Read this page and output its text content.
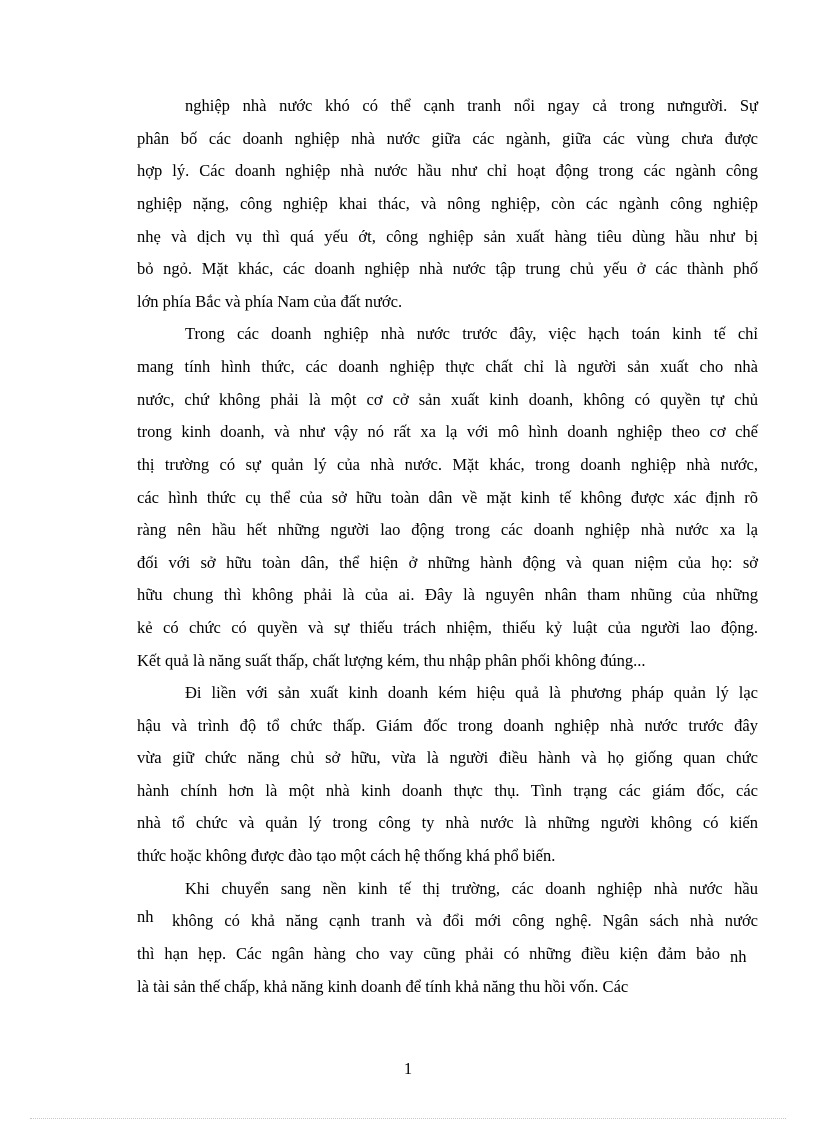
nghiệp nhà nước khó có thể cạnh tranh nổi ngay cả trong nưngười. Sự
phân bố các doanh nghiệp nhà nước giữa các ngành, giữa các vùng chưa được
hợp lý. Các doanh nghiệp nhà nước hầu như chỉ hoạt động trong các ngành công
nghiệp nặng, công nghiệp khai thác, và nông nghiệp, còn các ngành công nghiệp
nhẹ và dịch vụ thì quá yếu ớt, công nghiệp sản xuất hàng tiêu dùng hầu như bị
bỏ ngỏ. Mặt khác, các doanh nghiệp nhà nước tập trung chủ yếu ở các thành phố
lớn phía Bắc và phía Nam của đất nước.
Trong các doanh nghiệp nhà nước trước đây, việc hạch toán kinh tế chỉ
mang tính hình thức, các doanh nghiệp thực chất chỉ là người sản xuất cho nhà
nước, chứ không phải là một cơ cở sản xuất kinh doanh, không có quyền tự chủ
trong kinh doanh, và như vậy nó rất xa lạ với mô hình doanh nghiệp theo cơ chế
thị trường có sự quản lý của nhà nước. Mặt khác, trong doanh nghiệp nhà nước,
các hình thức cụ thể của sở hữu toàn dân về mặt kinh tế không được xác định rõ
ràng nên hầu hết những người lao động trong các doanh nghiệp nhà nước xa lạ
đối với sở hữu toàn dân, thể hiện ở những hành động và quan niệm của họ: sở
hữu chung thì không phải là của ai. Đây là nguyên nhân tham nhũng của những
kẻ có chức có quyền và sự thiếu trách nhiệm, thiếu kỷ luật của người lao động.
Kết quả là năng suất thấp, chất lượng kém, thu nhập phân phối không đúng...
Đi liền với sản xuất kinh doanh kém hiệu quả là phương pháp quản lý lạc
hậu và trình độ tổ chức thấp. Giám đốc trong doanh nghiệp nhà nước trước đây
vừa giữ chức năng chủ sở hữu, vừa là người điều hành và họ giống quan chức
hành chính hơn là một nhà kinh doanh thực thụ. Tình trạng các giám đốc, các
nhà tổ chức và quản lý trong công ty nhà nước là những người không có kiến
thức hoặc không được đào tạo một cách hệ thống khá phổ biến.
Khi chuyển sang nền kinh tế thị trường, các doanh nghiệp nhà nước hầu
nh không có khả năng cạnh tranh và đổi mới công nghệ. Ngân sách nhà nước
thì hạn hẹp. Các ngân hàng cho vay cũng phải có những điều kiện đảm bảo nh
là tài sản thế chấp, khả năng kinh doanh để tính khả năng thu hồi vốn. Các
1
